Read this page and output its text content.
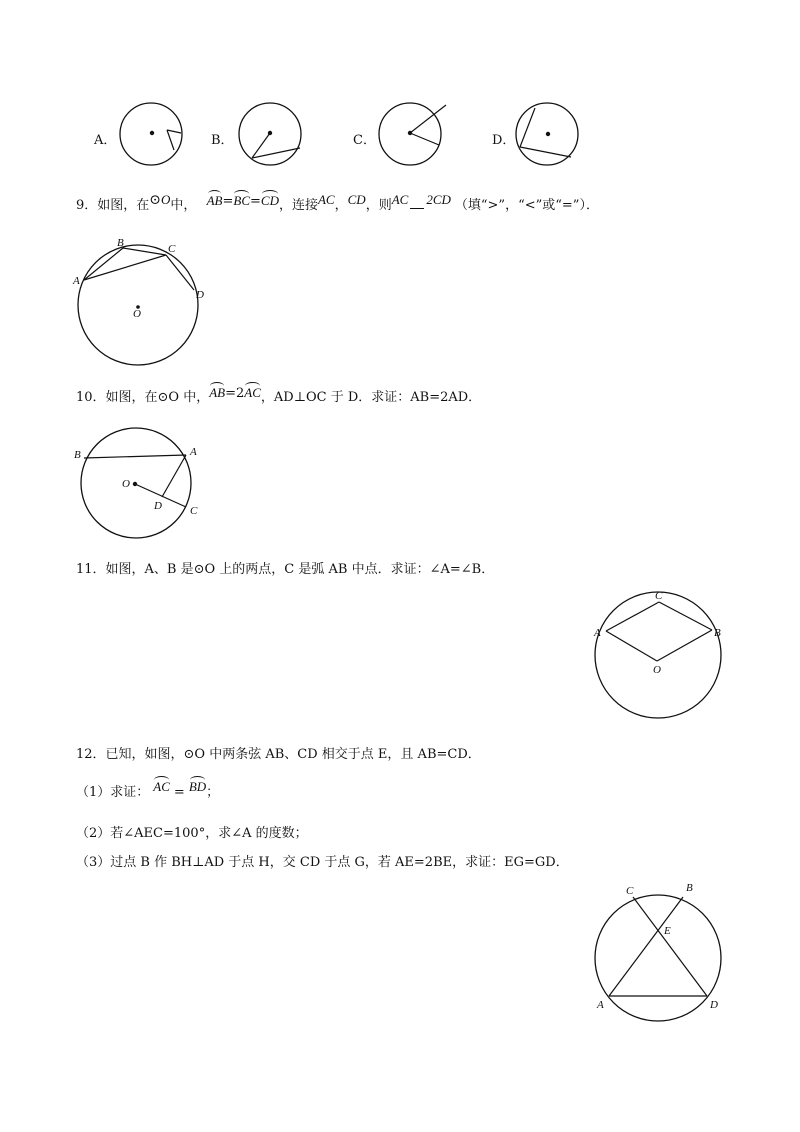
A．	B．	C．	D．
9．如图，在⊙O中， AB=BC=CD，连接AC，CD，则AC 2CD （填“>”，“<”或“=”）．
A
B	C
D
O
10．如图，在⊙O 中，AB=2AC，AD⊥OC 于 D．求证：AB=2AD．
B	A
O
D	C
11．如图，A、B 是⊙O 上的两点，C 是弧 AB 中点．求证：∠A=∠B．
C
A	B
O
12．已知，如图，⊙O 中两条弦 AB、CD 相交于点 E，且 AB=CD．
（1）求证： AC = BD；
（2）若∠AEC=100°，求∠A 的度数；
（3）过点 B 作 BH⊥AD 于点 H，交 CD 于点 G，若 AE=2BE，求证：EG=GD．
C	B
E
A	D
